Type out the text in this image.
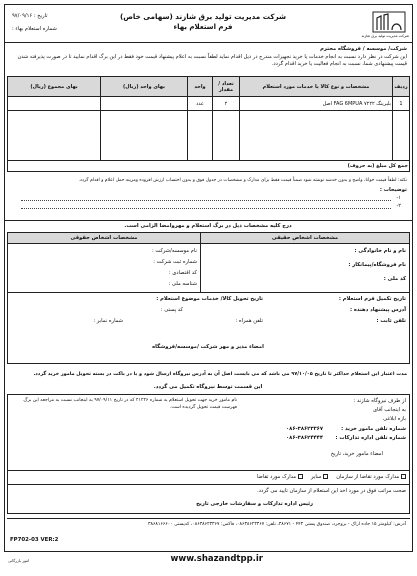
شرکت مدیریت تولید برق شازند
شرکت مدیریت تولید برق شازند (سهامی خاص)
فرم استعلام بهاء
تاریخ : ۹۷/۰۹/۱۶
شماره استعلام بهاء :
شرکت/ موسسه / فروشگاه محترم
این شرکت در نظر دارد نسبت به انجام خدمات یا خرید تجهیزات مندرج در ذیل اقدام نماید لطفاً نسبت به اعلام پیشنهاد قیمت خود فقط در این برگ اقدام نمایید تا در صورت پذیرفته شدن قیمت پیشنهادی شما، نسبت به انجام فعالیت یا خرید اقدام گردد.
ردیف	مشخصات و نوع کالا یا خدمات مورد استعلام	تعداد / مقدار	واحد	بهای واحد (ریال)	بهای مجموع (ریال)
1	بلبرینگ FAG 6MPUA ۷۲۲۲ اصل	۲	عدد		

جمع کل مبلغ (به حروف)					
نکته: لطفاً قیمت خوانا، واضح و بدون خدشه نوشته شود ضمناً قیمت فقط برای مدارک و مشخصات در جدول فوق و بدون احتساب ارزش افزوده ومزینه حمل اعلام و اقدام گردد.
توضیحات :
۱-
۲-
درج کلیه مشخصات ذیل در برگ استعلام و مهروامضا الزامی است.
مشخصات اشخاص حقیقی
مشخصات اشخاص حقوقی
نام و نام خانوادگی :
نام فروشگاه/پیمانکار :
کد ملی :
نام موسسه/شرکت :
شماره ثبت شرکت :
کد اقتصادی :
شناسه ملی :
تاریخ تکمیل فرم استعلام :
تاریخ تحویل کالا/ خدمات موضوع استعلام :
آدرس پیشنهاد دهنده :
کد پستی :
تلفن ثابت :
تلفن همراه :
شماره نمابر :
امضاء مدیر و مهر شرکت /موسسه/فروشگاه
مدت اعتبار این استعلام حداکثر تا تاریخ ۹۷/۱۰/۰۵ می باشد که می بایست اصل آن به آدرس نیروگاه ارسال شود و یا در باکت در بسته تحویل مامور خرید گردد.
این قسمت توسط نیروگاه تکمیل می گردد.
از طرف نیروگاه شازند :
به اینجانب آقای
بازه ابلاغی
شماره تلفن مامور خرید :
۰۸۶-۳۸۶۲۳۳۶۷
شماره تلفن اداره تدارکات :
۰۸۶-۳۸۶۲۴۴۴۴
امضاء مامور خرید، تاریخ
نام مامور خرید جهت تحویل استعلام به شماره ۲۱۲۲۶ که در تاریخ ۹۷/۰۹/۱۱ به اینجانب نسبت به مراجعه این برگ فهرست قیمت تحویل گردیده است.
مدارک مورد تقاضا از سازمان      سایر      مدارک مورد تقاضا
صحت مراتب فوق در مورد اخذ این استعلام از سازمان تایید می گردد.
رئیس اداره تدارکات و سفارشات خارجی تاریخ
آدرس: کیلومتر ۱۵ جاده اراک - بروجرد، صندوق پستی ۴۴۳ - ۳۸۶۷۱، تلفن: ۰۸۶۳۸۶۲۳۳۶۷، فاکس: ۰۸۶۳۸۶۲۳۳۶۷، کدپستی ۳۸۶۸۱۶۶۶۰۰
FP702-03 VER:2
امور بازرگانی	www.shazandtpp.ir
